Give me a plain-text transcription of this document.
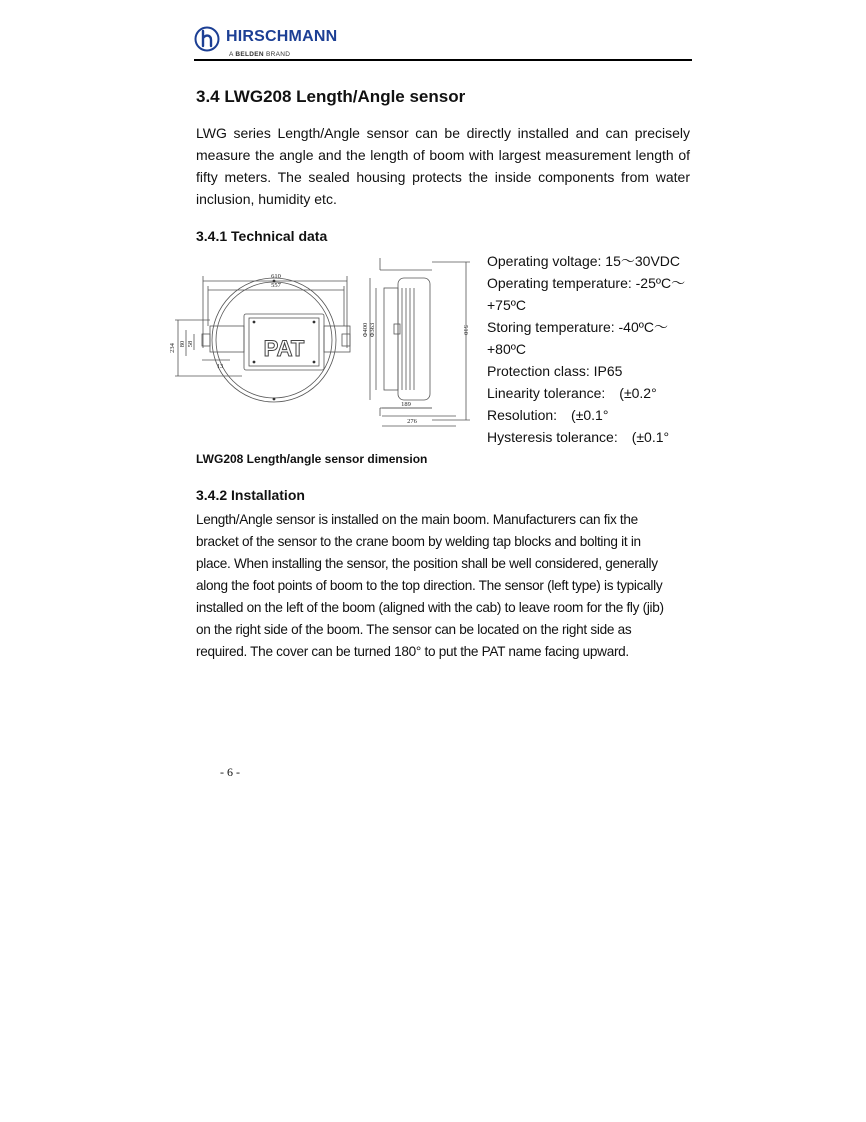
HIRSCHMANN
A BELDEN BRAND
3.4 LWG208 Length/Angle sensor

LWG series Length/Angle sensor can be directly installed and can precisely measure the angle and the length of boom with largest measurement length of fifty meters. The sealed housing protects the inside components from water inclusion, humidity etc.

3.4.1 Technical data
PAT
610
557
234 80 58
13
Φ400 Φ363	510
189
276
Operating voltage: 15～30VDC
Operating temperature: -25ºC～
+75ºC
Storing temperature: -40ºC～
+80ºC
Protection class: IP65
Linearity tolerance:　(±0.2°
Resolution:　(±0.1°
Hysteresis tolerance:　(±0.1°
LWG208 Length/angle sensor dimension
3.4.2 Installation
Length/Angle sensor is installed on the main boom. Manufacturers can fix the
bracket of the sensor to the crane boom by welding tap blocks and bolting it in
place. When installing the sensor, the position shall be well considered, generally
along the foot points of boom to the top direction. The sensor (left type) is typically
installed on the left of the boom (aligned with the cab) to leave room for the fly (jib)
on the right side of the boom. The sensor can be located on the right side as
required. The cover can be turned 180° to put the PAT name facing upward.
- 6 -
